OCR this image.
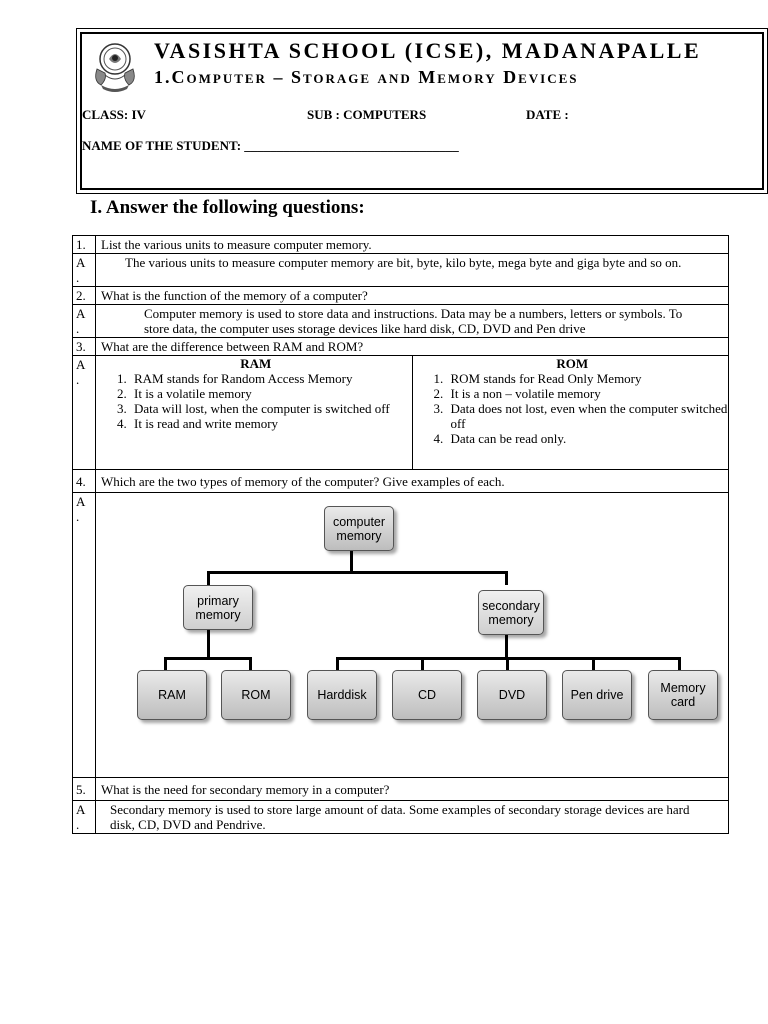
VASISHTA SCHOOL (ICSE), MADANAPALLE
1.Computer – Storage and Memory Devices
CLASS: IV	SUB : COMPUTERS	DATE :
NAME OF THE STUDENT: _________________________________
I. Answer the following questions:
1.	List the various units to measure computer memory.
A
.	The various units to measure computer memory are bit, byte, kilo byte, mega byte and giga byte and so on.
2.	What is the function of the memory of a computer?
A
.	Computer memory is used to store data and instructions. Data may be a numbers, letters or symbols. To store data, the computer uses storage devices like hard disk, CD, DVD and Pen drive
3.	What are the difference between RAM and ROM?
A
.	
RAM
1. RAM stands for Random Access Memory
2. It is a volatile memory
3. Data will lost, when the computer is switched off
4. It is read and write memory

ROM
1. ROM stands for Read Only Memory
2. It is a non – volatile memory
3. Data does not lost, even when the computer switched off
4. Data can be read only.

4.	Which are the two types of memory of the computer? Give examples of each.
A
.	computer
memory
primary
memory
secondary
memory
RAM	ROM	Harddisk	CD	DVD	Pen drive	Memory
card

5.	What is the need for secondary memory in a computer?
A
.	Secondary memory is used to store large amount of data. Some examples of secondary storage devices are hard disk, CD, DVD and Pendrive.
